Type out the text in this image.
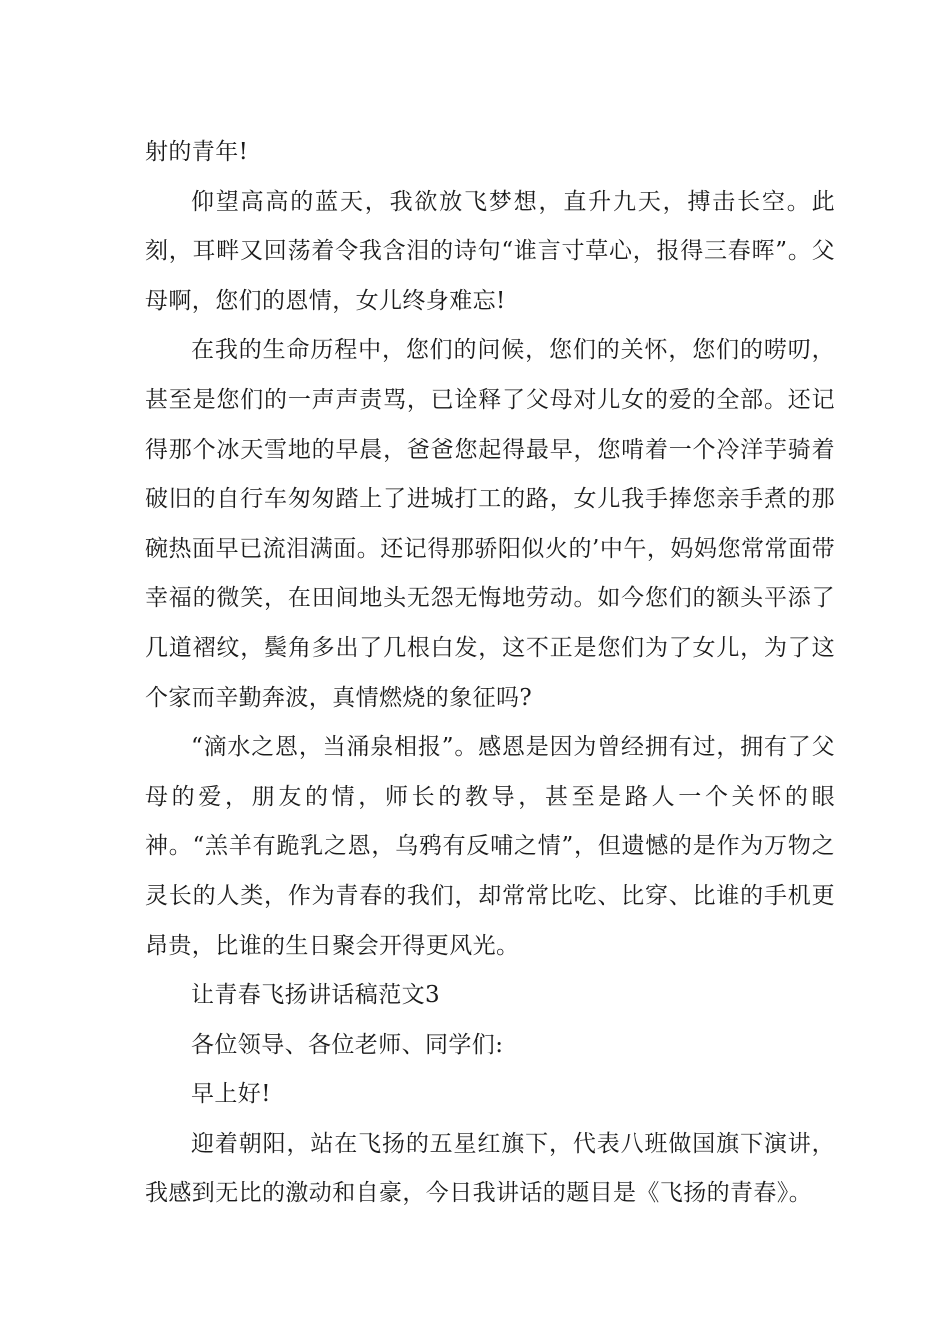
射的青年!

仰望高高的蓝天，我欲放飞梦想，直升九天，搏击长空。此刻，耳畔又回荡着令我含泪的诗句“谁言寸草心，报得三春晖”。父母啊，您们的恩情，女儿终身难忘!

在我的生命历程中，您们的问候，您们的关怀，您们的唠叨，甚至是您们的一声声责骂，已诠释了父母对儿女的爱的全部。还记得那个冰天雪地的早晨，爸爸您起得最早，您啃着一个冷洋芋骑着破旧的自行车匆匆踏上了进城打工的路，女儿我手捧您亲手煮的那碗热面早已流泪满面。还记得那骄阳似火的’中午，妈妈您常常面带幸福的微笑，在田间地头无怨无悔地劳动。如今您们的额头平添了几道褶纹，鬓角多出了几根白发，这不正是您们为了女儿，为了这个家而辛勤奔波，真情燃烧的象征吗?

“滴水之恩，当涌泉相报”。感恩是因为曾经拥有过，拥有了父母的爱，朋友的情，师长的教导，甚至是路人一个关怀的眼神。“羔羊有跪乳之恩，乌鸦有反哺之情”，但遗憾的是作为万物之灵长的人类，作为青春的我们，却常常比吃、比穿、比谁的手机更昂贵，比谁的生日聚会开得更风光。

让青春飞扬讲话稿范文3

各位领导、各位老师、同学们:

早上好!

迎着朝阳，站在飞扬的五星红旗下，代表八班做国旗下演讲，我感到无比的激动和自豪，今日我讲话的题目是《飞扬的青春》。
